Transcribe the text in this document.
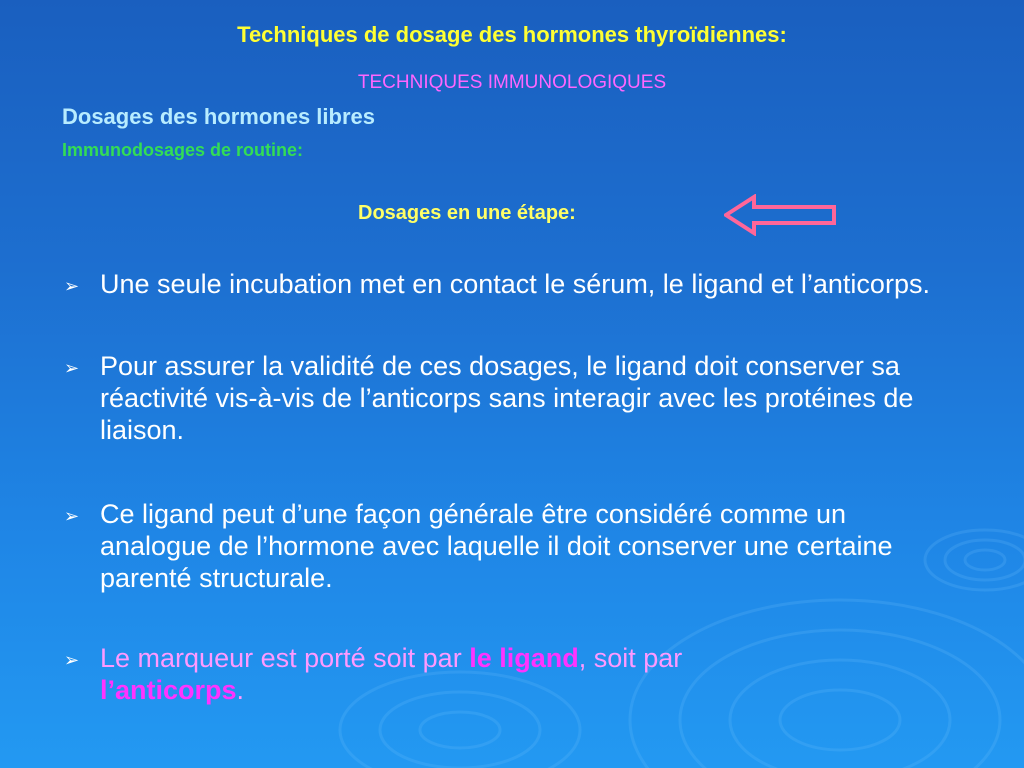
Techniques de dosage des hormones thyroïdiennes:
TECHNIQUES IMMUNOLOGIQUES
Dosages des hormones libres
Immunodosages de routine:
Dosages en une étape:
➢ Une seule incubation met en contact le sérum, le ligand et l’anticorps.
➢ Pour assurer la validité de ces dosages, le ligand doit conserver sa réactivité vis-à-vis de l’anticorps sans interagir avec les protéines de liaison.
➢ Ce ligand peut d’une façon générale être considéré comme un analogue de l’hormone avec laquelle il doit conserver une certaine parenté structurale.
➢ Le marqueur est porté soit par le ligand, soit par
l’anticorps.
